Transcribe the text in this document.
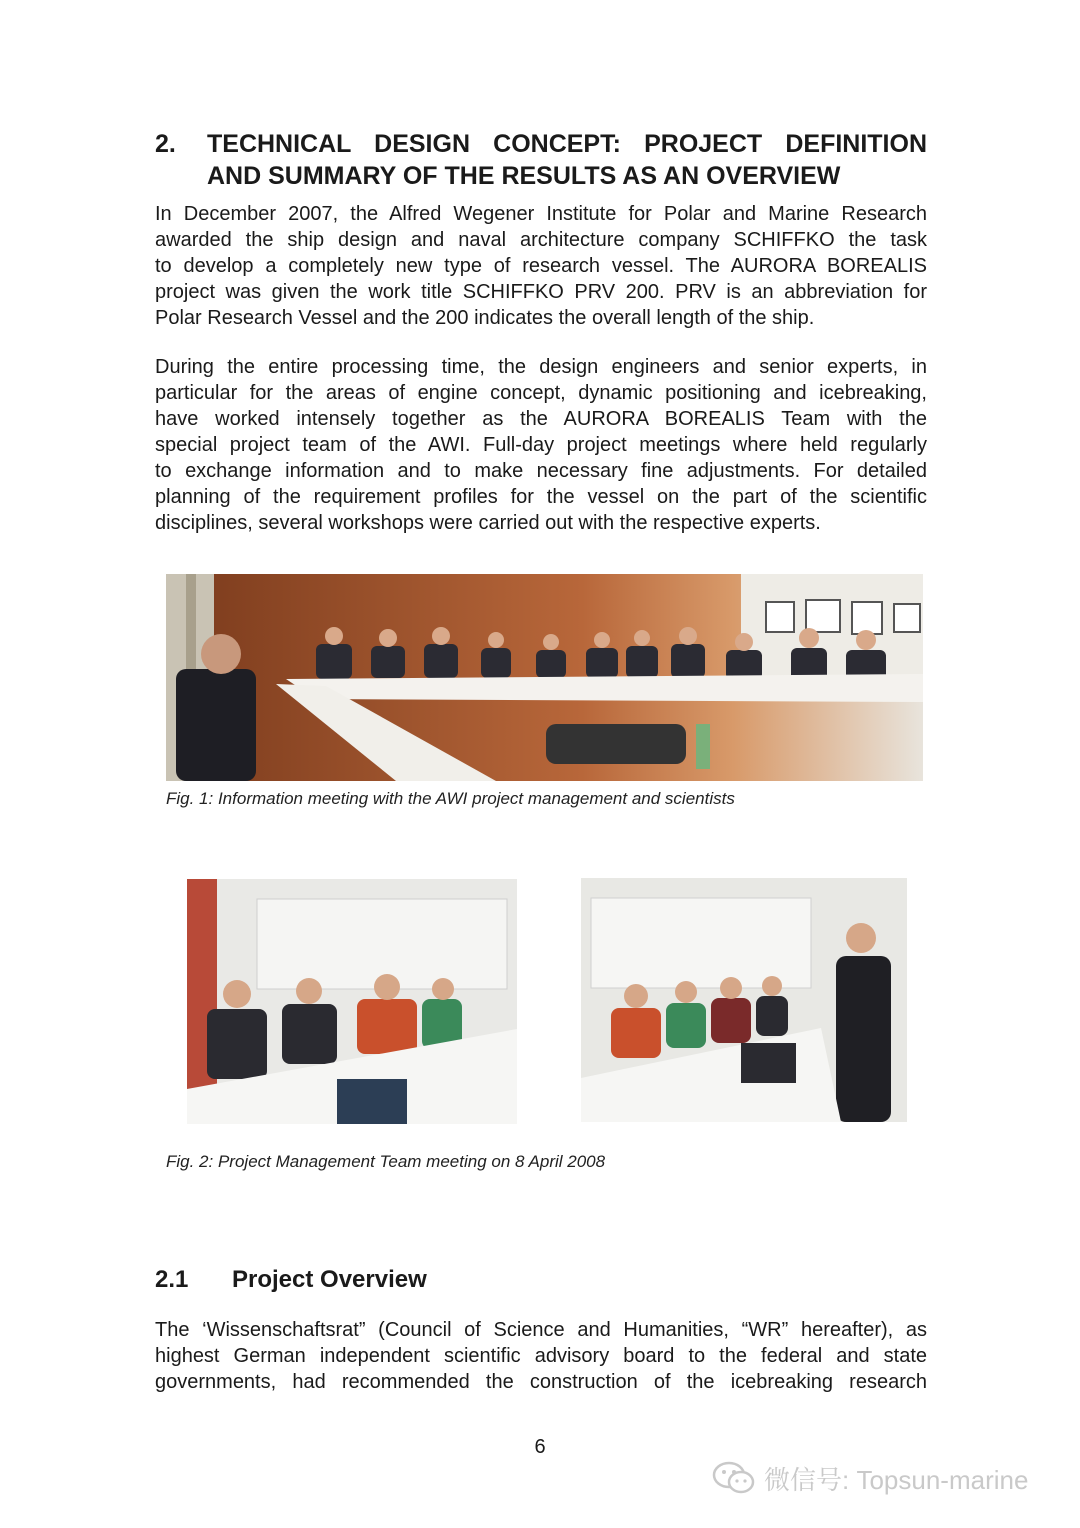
2. TECHNICAL DESIGN CONCEPT: PROJECT DEFINITION
AND SUMMARY OF THE RESULTS AS AN OVERVIEW

In December 2007, the Alfred Wegener Institute for Polar and Marine Research
awarded the ship design and naval architecture company SCHIFFKO the task
to develop a completely new type of research vessel. The AURORA BOREALIS
project was given the work title SCHIFFKO PRV 200. PRV is an abbreviation for
Polar Research Vessel and the 200 indicates the overall length of the ship.

During the entire processing time, the design engineers and senior experts, in
particular for the areas of engine concept, dynamic positioning and icebreaking,
have worked intensely together as the AURORA BOREALIS Team with the
special project team of the AWI. Full-day project meetings where held regularly
to exchange information and to make necessary fine adjustments. For detailed
planning of the requirement profiles for the vessel on the part of the scientific
disciplines, several workshops were carried out with the respective experts.

Fig. 1: Information meeting with the AWI project management and scientists
Fig. 2: Project Management Team meeting on 8 April 2008
2.1 Project Overview

The ‘Wissenschaftsrat” (Council of Science and Humanities, “WR” hereafter), as
highest German independent scientific advisory board to the federal and state
governments, had recommended the construction of the icebreaking research

6
微信号: Topsun-marine
